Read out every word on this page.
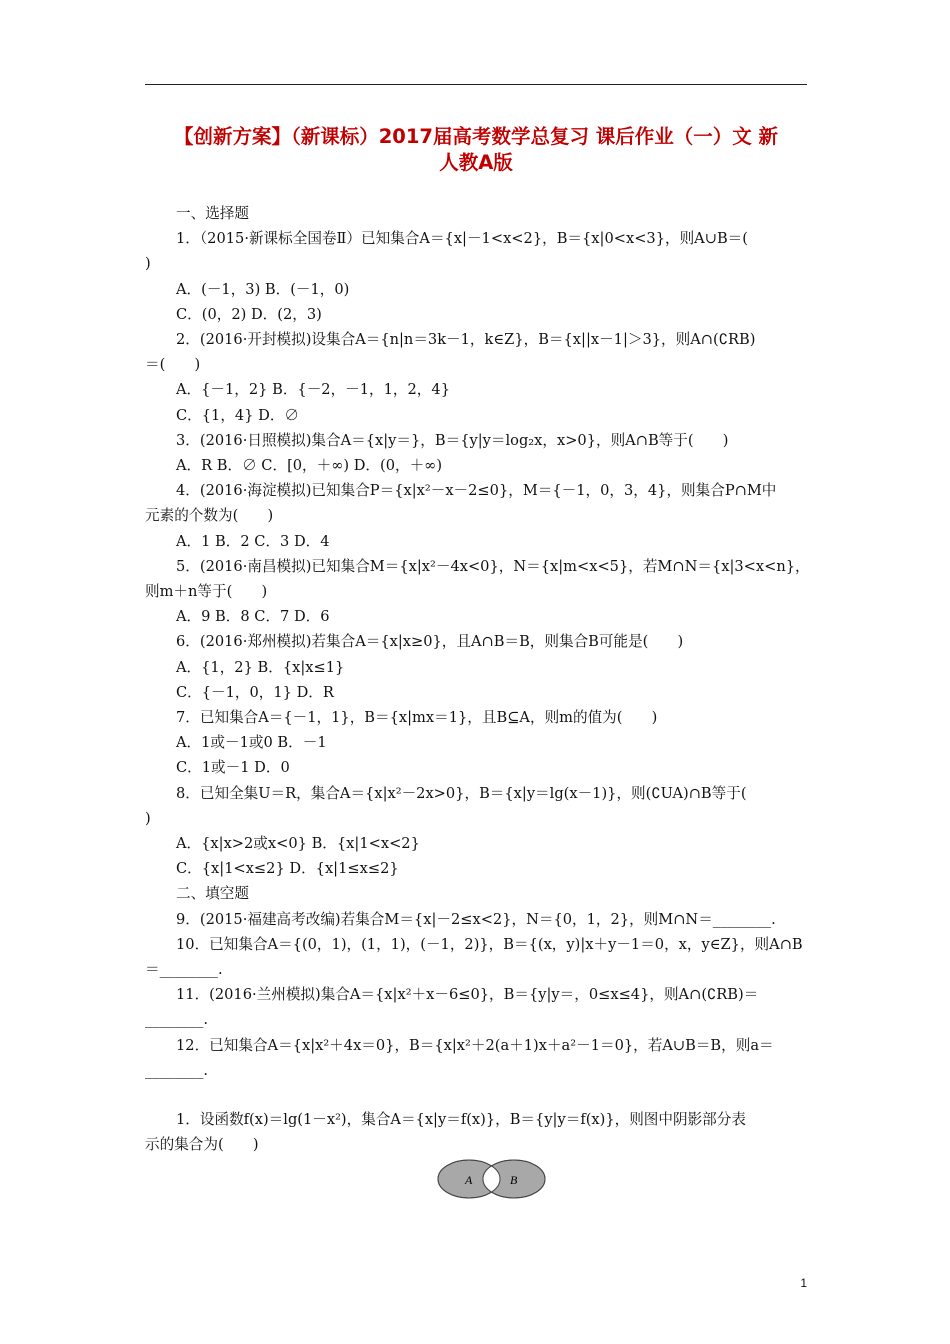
【创新方案】（新课标）2017届高考数学总复习 课后作业（一）文 新
人教A版
一、选择题
1．（2015·新课标全国卷Ⅱ）已知集合A＝{x|－1<x<2}，B＝{x|0<x<3}，则A∪B＝(
)
A．(－1，3) B．(－1，0)
C．(0，2) D．(2，3)
2．(2016·开封模拟)设集合A＝{n|n＝3k－1，k∈Z}，B＝{x||x－1|＞3}，则A∩(∁RB)
＝(　　)
A．{－1，2} B．{－2，－1，1，2，4}
C．{1，4} D．∅
3．(2016·日照模拟)集合A＝{x|y＝}，B＝{y|y＝log₂x，x>0}，则A∩B等于(　　)
A．R B．∅ C．[0，＋∞) D．(0，＋∞)
4．(2016·海淀模拟)已知集合P＝{x|x²－x－2≤0}，M＝{－1，0，3，4}，则集合P∩M中
元素的个数为(　　)
A．1 B．2 C．3 D．4
5．(2016·南昌模拟)已知集合M＝{x|x²－4x<0}，N＝{x|m<x<5}，若M∩N＝{x|3<x<n}，
则m＋n等于(　　)
A．9 B．8 C．7 D．6
6．(2016·郑州模拟)若集合A＝{x|x≥0}，且A∩B＝B，则集合B可能是(　　)
A．{1，2} B．{x|x≤1}
C．{－1，0，1} D．R
7．已知集合A＝{－1，1}，B＝{x|mx＝1}，且B⊆A，则m的值为(　　)
A．1或－1或0 B．－1
C．1或－1 D．0
8．已知全集U＝R，集合A＝{x|x²－2x>0}，B＝{x|y＝lg(x－1)}，则(∁UA)∩B等于(
)
A．{x|x>2或x<0} B．{x|1<x<2}
C．{x|1<x≤2} D．{x|1≤x≤2}
二、填空题
9．(2015·福建高考改编)若集合M＝{x|－2≤x<2}，N＝{0，1，2}，则M∩N＝________.
10．已知集合A＝{(0，1)，(1，1)，(－1，2)}，B＝{(x，y)|x＋y－1＝0，x，y∈Z}，则A∩B
＝________.
11．(2016·兰州模拟)集合A＝{x|x²＋x－6≤0}，B＝{y|y＝，0≤x≤4}，则A∩(∁RB)＝
________.
12．已知集合A＝{x|x²＋4x＝0}，B＝{x|x²＋2(a＋1)x＋a²－1＝0}，若A∪B＝B，则a＝
________.
1．设函数f(x)＝lg(1－x²)，集合A＝{x|y＝f(x)}，B＝{y|y＝f(x)}，则图中阴影部分表
示的集合为(　　)
A	B
1
